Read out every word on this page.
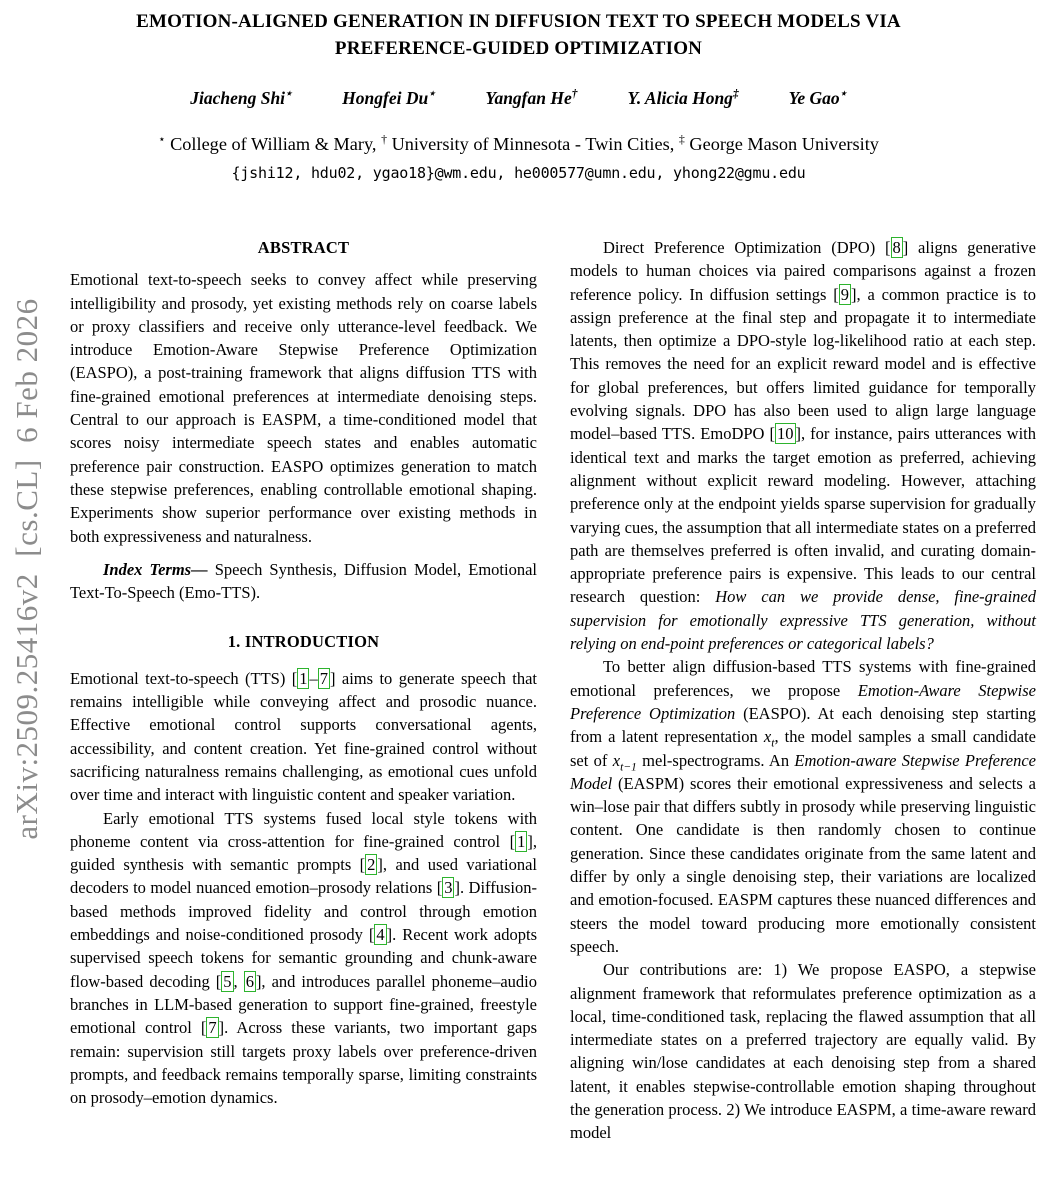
arXiv:2509.25416v2  [cs.CL]  6 Feb 2026
EMOTION-ALIGNED GENERATION IN DIFFUSION TEXT TO SPEECH MODELS VIA
PREFERENCE-GUIDED OPTIMIZATION
Jiacheng Shi⋆	Hongfei Du⋆	Yangfan He†	Y. Alicia Hong‡	Ye Gao⋆
⋆ College of William & Mary, † University of Minnesota - Twin Cities, ‡ George Mason University
{jshi12, hdu02, ygao18}@wm.edu, he000577@umn.edu, yhong22@gmu.edu
ABSTRACT

Emotional text-to-speech seeks to convey affect while preserving intelligibility and prosody, yet existing methods rely on coarse labels or proxy classifiers and receive only utterance-level feedback. We introduce Emotion-Aware Stepwise Preference Optimization (EASPO), a post-training framework that aligns diffusion TTS with fine-grained emotional preferences at intermediate denoising steps. Central to our approach is EASPM, a time-conditioned model that scores noisy intermediate speech states and enables automatic preference pair construction. EASPO optimizes generation to match these stepwise preferences, enabling controllable emotional shaping. Experiments show superior performance over existing methods in both expressiveness and naturalness.

Index Terms— Speech Synthesis, Diffusion Model, Emotional Text-To-Speech (Emo-TTS).

1. INTRODUCTION

Emotional text-to-speech (TTS) [ 1 – 7 ] aims to generate speech that remains intelligible while conveying affect and prosodic nuance. Effective emotional control supports conversational agents, accessibility, and content creation. Yet fine-grained control without sacrificing naturalness remains challenging, as emotional cues unfold over time and interact with linguistic content and speaker variation.

Early emotional TTS systems fused local style tokens with phoneme content via cross-attention for fine-grained control [ 1 ], guided synthesis with semantic prompts [ 2 ], and used variational decoders to model nuanced emotion–prosody relations [ 3 ]. Diffusion-based methods improved fidelity and control through emotion embeddings and noise-conditioned prosody [ 4 ]. Recent work adopts supervised speech tokens for semantic grounding and chunk-aware flow-based decoding [ 5 , 6 ], and introduces parallel phoneme–audio branches in LLM-based generation to support fine-grained, freestyle emotional control [ 7 ]. Across these variants, two important gaps remain: supervision still targets proxy labels over preference-driven prompts, and feedback remains temporally sparse, limiting constraints on prosody–emotion dynamics.

Direct Preference Optimization (DPO) [ 8 ] aligns generative models to human choices via paired comparisons against a frozen reference policy. In diffusion settings [ 9 ], a common practice is to assign preference at the final step and propagate it to intermediate latents, then optimize a DPO-style log-likelihood ratio at each step. This removes the need for an explicit reward model and is effective for global preferences, but offers limited guidance for temporally evolving signals. DPO has also been used to align large language model–based TTS. EmoDPO [ 10 ], for instance, pairs utterances with identical text and marks the target emotion as preferred, achieving alignment without explicit reward modeling. However, attaching preference only at the endpoint yields sparse supervision for gradually varying cues, the assumption that all intermediate states on a preferred path are themselves preferred is often invalid, and curating domain-appropriate preference pairs is expensive. This leads to our central research question: How can we provide dense, fine-grained supervision for emotionally expressive TTS generation, without relying on end-point preferences or categorical labels?

To better align diffusion-based TTS systems with fine-grained emotional preferences, we propose Emotion-Aware Stepwise Preference Optimization (EASPO). At each denoising step starting from a latent representation $x_t$, the model samples a small candidate set of $x_{t-1}$ mel-spectrograms. An Emotion-aware Stepwise Preference Model (EASPM) scores their emotional expressiveness and selects a win–lose pair that differs subtly in prosody while preserving linguistic content. One candidate is then randomly chosen to continue generation. Since these candidates originate from the same latent and differ by only a single denoising step, their variations are localized and emotion-focused. EASPM captures these nuanced differences and steers the model toward producing more emotionally consistent speech.

Our contributions are: 1) We propose EASPO, a stepwise alignment framework that reformulates preference optimization as a local, time-conditioned task, replacing the flawed assumption that all intermediate states on a preferred trajectory are equally valid. By aligning win/lose candidates at each denoising step from a shared latent, it enables stepwise-controllable emotion shaping throughout the generation process. 2) We introduce EASPM, a time-aware reward model
